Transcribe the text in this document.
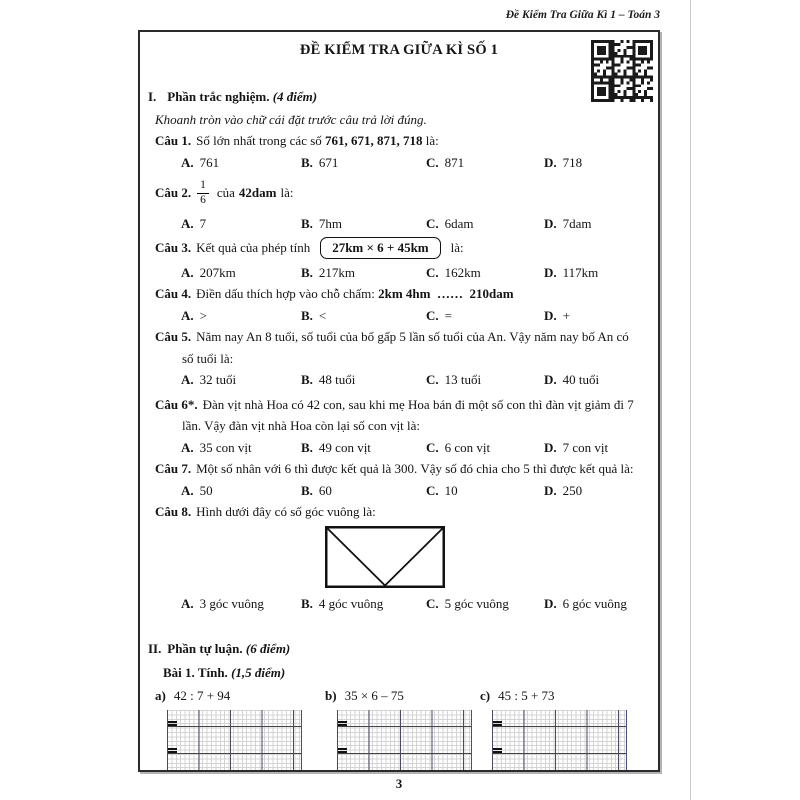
Đề Kiểm Tra Giữa Kì 1 – Toán 3
ĐỀ KIỂM TRA GIỮA KÌ SỐ 1
I. Phần trắc nghiệm. (4 điểm)
Khoanh tròn vào chữ cái đặt trước câu trả lời đúng.
Câu 1. Số lớn nhất trong các số 761, 671, 871, 718 là:
A. 761	B. 671	C. 871	D. 718
Câu 2. $\frac{1}{6}$ của 42dam là:
A. 7	B. 7hm	C. 6dam	D. 7dam
Câu 3. Kết quả của phép tính	27km × 6 + 45km	là:
A. 207km	B. 217km	C. 162km	D. 117km
Câu 4. Điền dấu thích hợp vào chỗ chấm: 2km 4hm  ……  210dam
A. >	B. <	C. =	D. +
Câu 5. Năm nay An 8 tuổi, số tuổi của bố gấp 5 lần số tuổi của An. Vậy năm nay bố An có
số tuổi là:
A. 32 tuổi	B. 48 tuổi	C. 13 tuổi	D. 40 tuổi
Câu 6*. Đàn vịt nhà Hoa có 42 con, sau khi mẹ Hoa bán đi một số con thì đàn vịt giảm đi 7
lần. Vậy đàn vịt nhà Hoa còn lại số con vịt là:
A. 35 con vịt	B. 49 con vịt	C. 6 con vịt	D. 7 con vịt
Câu 7. Một số nhân với 6 thì được kết quả là 300. Vậy số đó chia cho 5 thì được kết quả là:
A. 50	B. 60	C. 10	D. 250
Câu 8. Hình dưới đây có số góc vuông là:
A. 3 góc vuông	B. 4 góc vuông	C. 5 góc vuông	D. 6 góc vuông
II. Phần tự luận. (6 điểm)
Bài 1. Tính. (1,5 điểm)
a) 42 : 7 + 94	b) 35 × 6 – 75	c) 45 : 5 + 73
3
